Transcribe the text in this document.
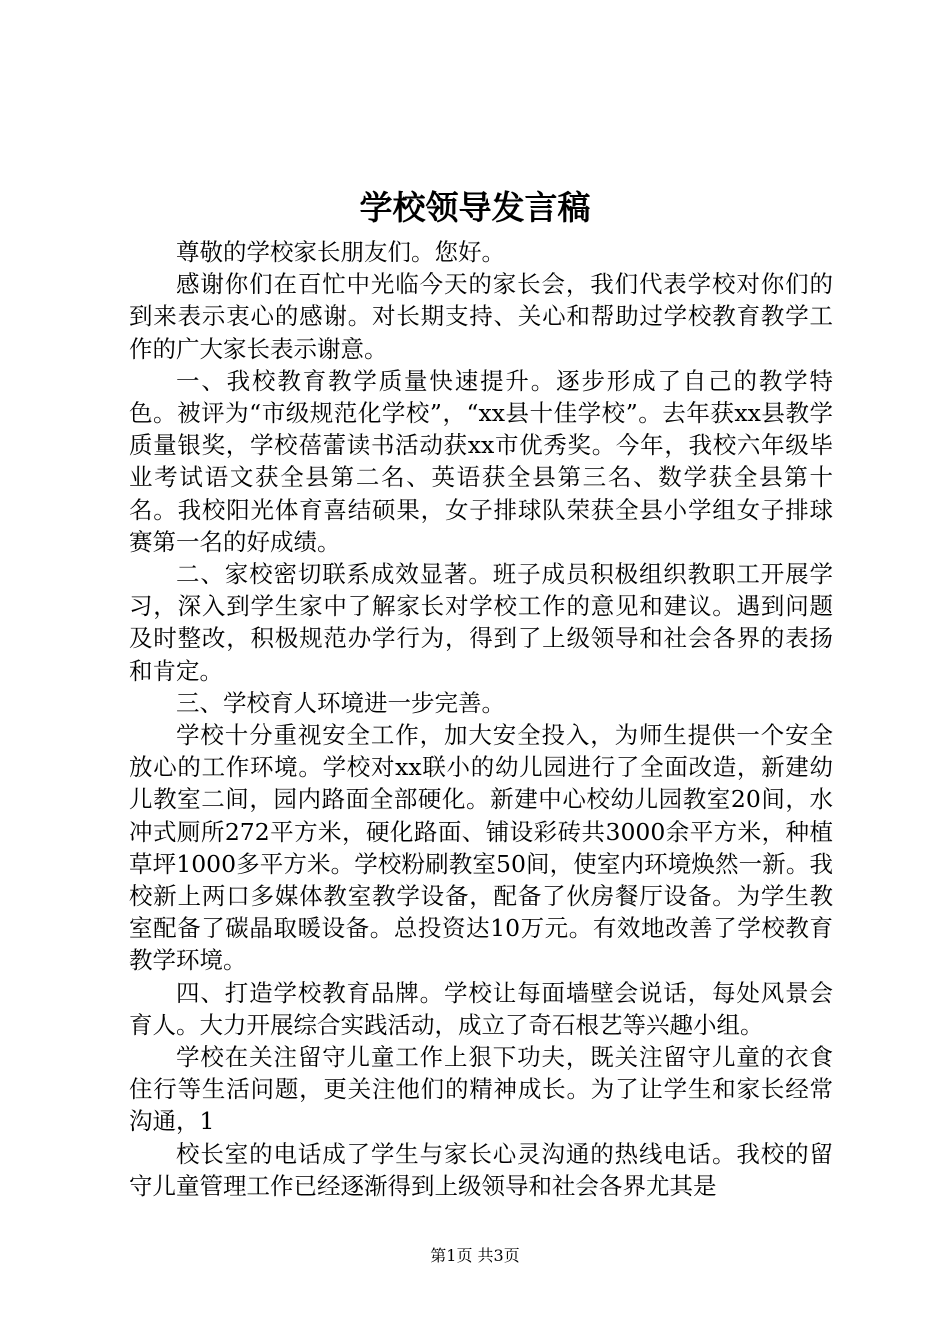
学校领导发言稿

尊敬的学校家长朋友们。您好。

感谢你们在百忙中光临今天的家长会，我们代表学校对你们的到来表示衷心的感谢。对长期支持、关心和帮助过学校教育教学工作的广大家长表示谢意。

一、我校教育教学质量快速提升。逐步形成了自己的教学特色。被评为“市级规范化学校”，“xx县十佳学校”。去年获xx县教学质量银奖，学校蓓蕾读书活动获xx市优秀奖。今年，我校六年级毕业考试语文获全县第二名、英语获全县第三名、数学获全县第十名。我校阳光体育喜结硕果，女子排球队荣获全县小学组女子排球赛第一名的好成绩。

二、家校密切联系成效显著。班子成员积极组织教职工开展学习，深入到学生家中了解家长对学校工作的意见和建议。遇到问题及时整改，积极规范办学行为，得到了上级领导和社会各界的表扬和肯定。

三、学校育人环境进一步完善。

学校十分重视安全工作，加大安全投入，为师生提供一个安全放心的工作环境。学校对xx联小的幼儿园进行了全面改造，新建幼儿教室二间，园内路面全部硬化。新建中心校幼儿园教室20间，水冲式厕所272平方米，硬化路面、铺设彩砖共3000余平方米，种植草坪1000多平方米。学校粉刷教室50间，使室内环境焕然一新。我校新上两口多媒体教室教学设备，配备了伙房餐厅设备。为学生教室配备了碳晶取暖设备。总投资达10万元。有效地改善了学校教育教学环境。

四、打造学校教育品牌。学校让每面墙壁会说话，每处风景会育人。大力开展综合实践活动，成立了奇石根艺等兴趣小组。

学校在关注留守儿童工作上狠下功夫，既关注留守儿童的衣食住行等生活问题，更关注他们的精神成长。为了让学生和家长经常沟通，1

校长室的电话成了学生与家长心灵沟通的热线电话。我校的留守儿童管理工作已经逐渐得到上级领导和社会各界尤其是

第1页 共3页
